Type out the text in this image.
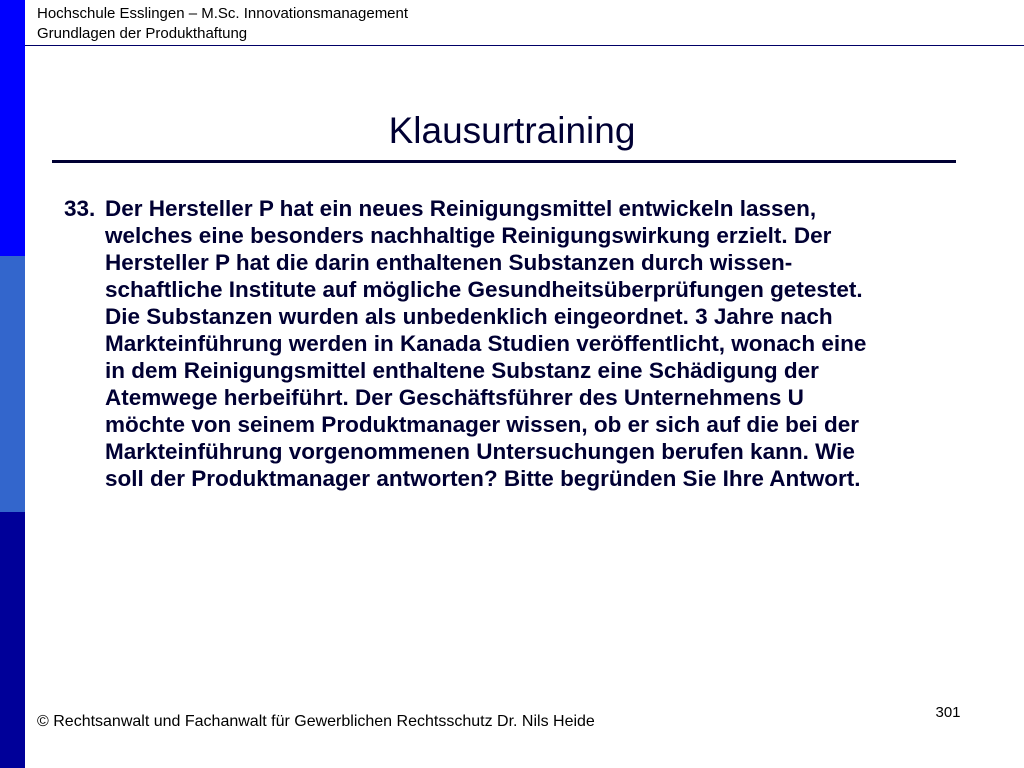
Hochschule Esslingen – M.Sc. Innovationsmanagement
Grundlagen der Produkthaftung
Klausurtraining
33. Der Hersteller P hat ein neues Reinigungsmittel entwickeln lassen,
welches eine besonders nachhaltige Reinigungswirkung erzielt. Der
Hersteller P hat die darin enthaltenen Substanzen durch wissen-
schaftliche Institute auf mögliche Gesundheitsüberprüfungen getestet.
Die Substanzen wurden als unbedenklich eingeordnet. 3 Jahre nach
Markteinführung werden in Kanada Studien veröffentlicht, wonach eine
in dem Reinigungsmittel enthaltene Substanz eine Schädigung der
Atemwege herbeiführt. Der Geschäftsführer des Unternehmens U
möchte von seinem Produktmanager wissen, ob er sich auf die bei der
Markteinführung vorgenommenen Untersuchungen berufen kann. Wie
soll der Produktmanager antworten? Bitte begründen Sie Ihre Antwort.
301
© Rechtsanwalt und Fachanwalt für Gewerblichen Rechtsschutz Dr. Nils Heide
